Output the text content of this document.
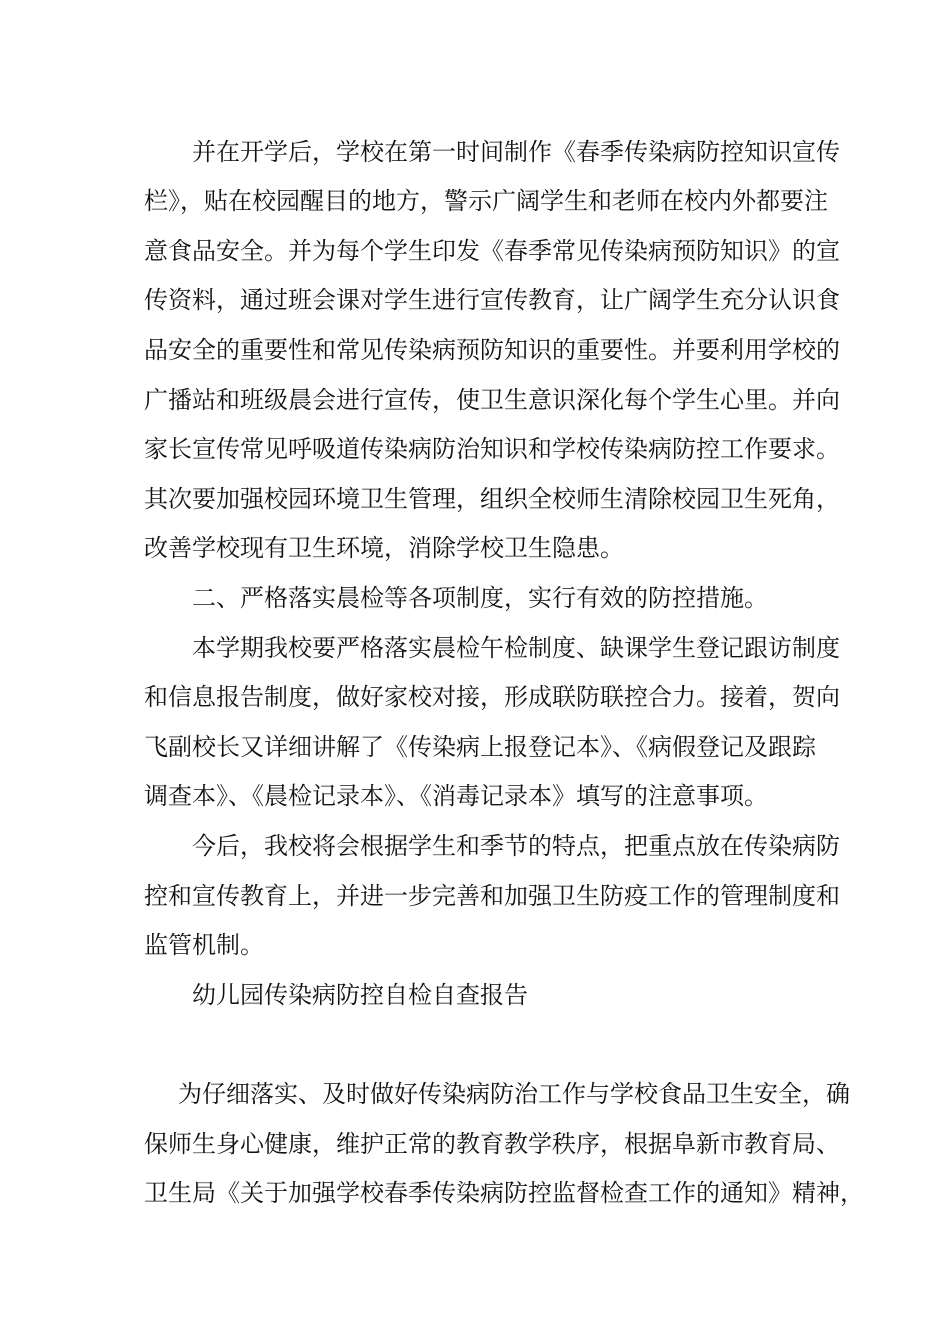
并在开学后，学校在第一时间制作《春季传染病防控知识宣传
栏》，贴在校园醒目的地方，警示广阔学生和老师在校内外都要注
意食品安全。并为每个学生印发《春季常见传染病预防知识》的宣
传资料，通过班会课对学生进行宣传教育，让广阔学生充分认识食
品安全的重要性和常见传染病预防知识的重要性。并要利用学校的
广播站和班级晨会进行宣传，使卫生意识深化每个学生心里。并向
家长宣传常见呼吸道传染病防治知识和学校传染病防控工作要求。
其次要加强校园环境卫生管理，组织全校师生清除校园卫生死角，
改善学校现有卫生环境，消除学校卫生隐患。
二、严格落实晨检等各项制度，实行有效的防控措施。
本学期我校要严格落实晨检午检制度、缺课学生登记跟访制度
和信息报告制度，做好家校对接，形成联防联控合力。接着，贺向
飞副校长又详细讲解了《传染病上报登记本》、《病假登记及跟踪
调查本》、《晨检记录本》、《消毒记录本》填写的注意事项。
今后，我校将会根据学生和季节的特点，把重点放在传染病防
控和宣传教育上，并进一步完善和加强卫生防疫工作的管理制度和
监管机制。
幼儿园传染病防控自检自查报告
为仔细落实、及时做好传染病防治工作与学校食品卫生安全，确
保师生身心健康，维护正常的教育教学秩序，根据阜新市教育局、
卫生局《关于加强学校春季传染病防控监督检查工作的通知》精神，
